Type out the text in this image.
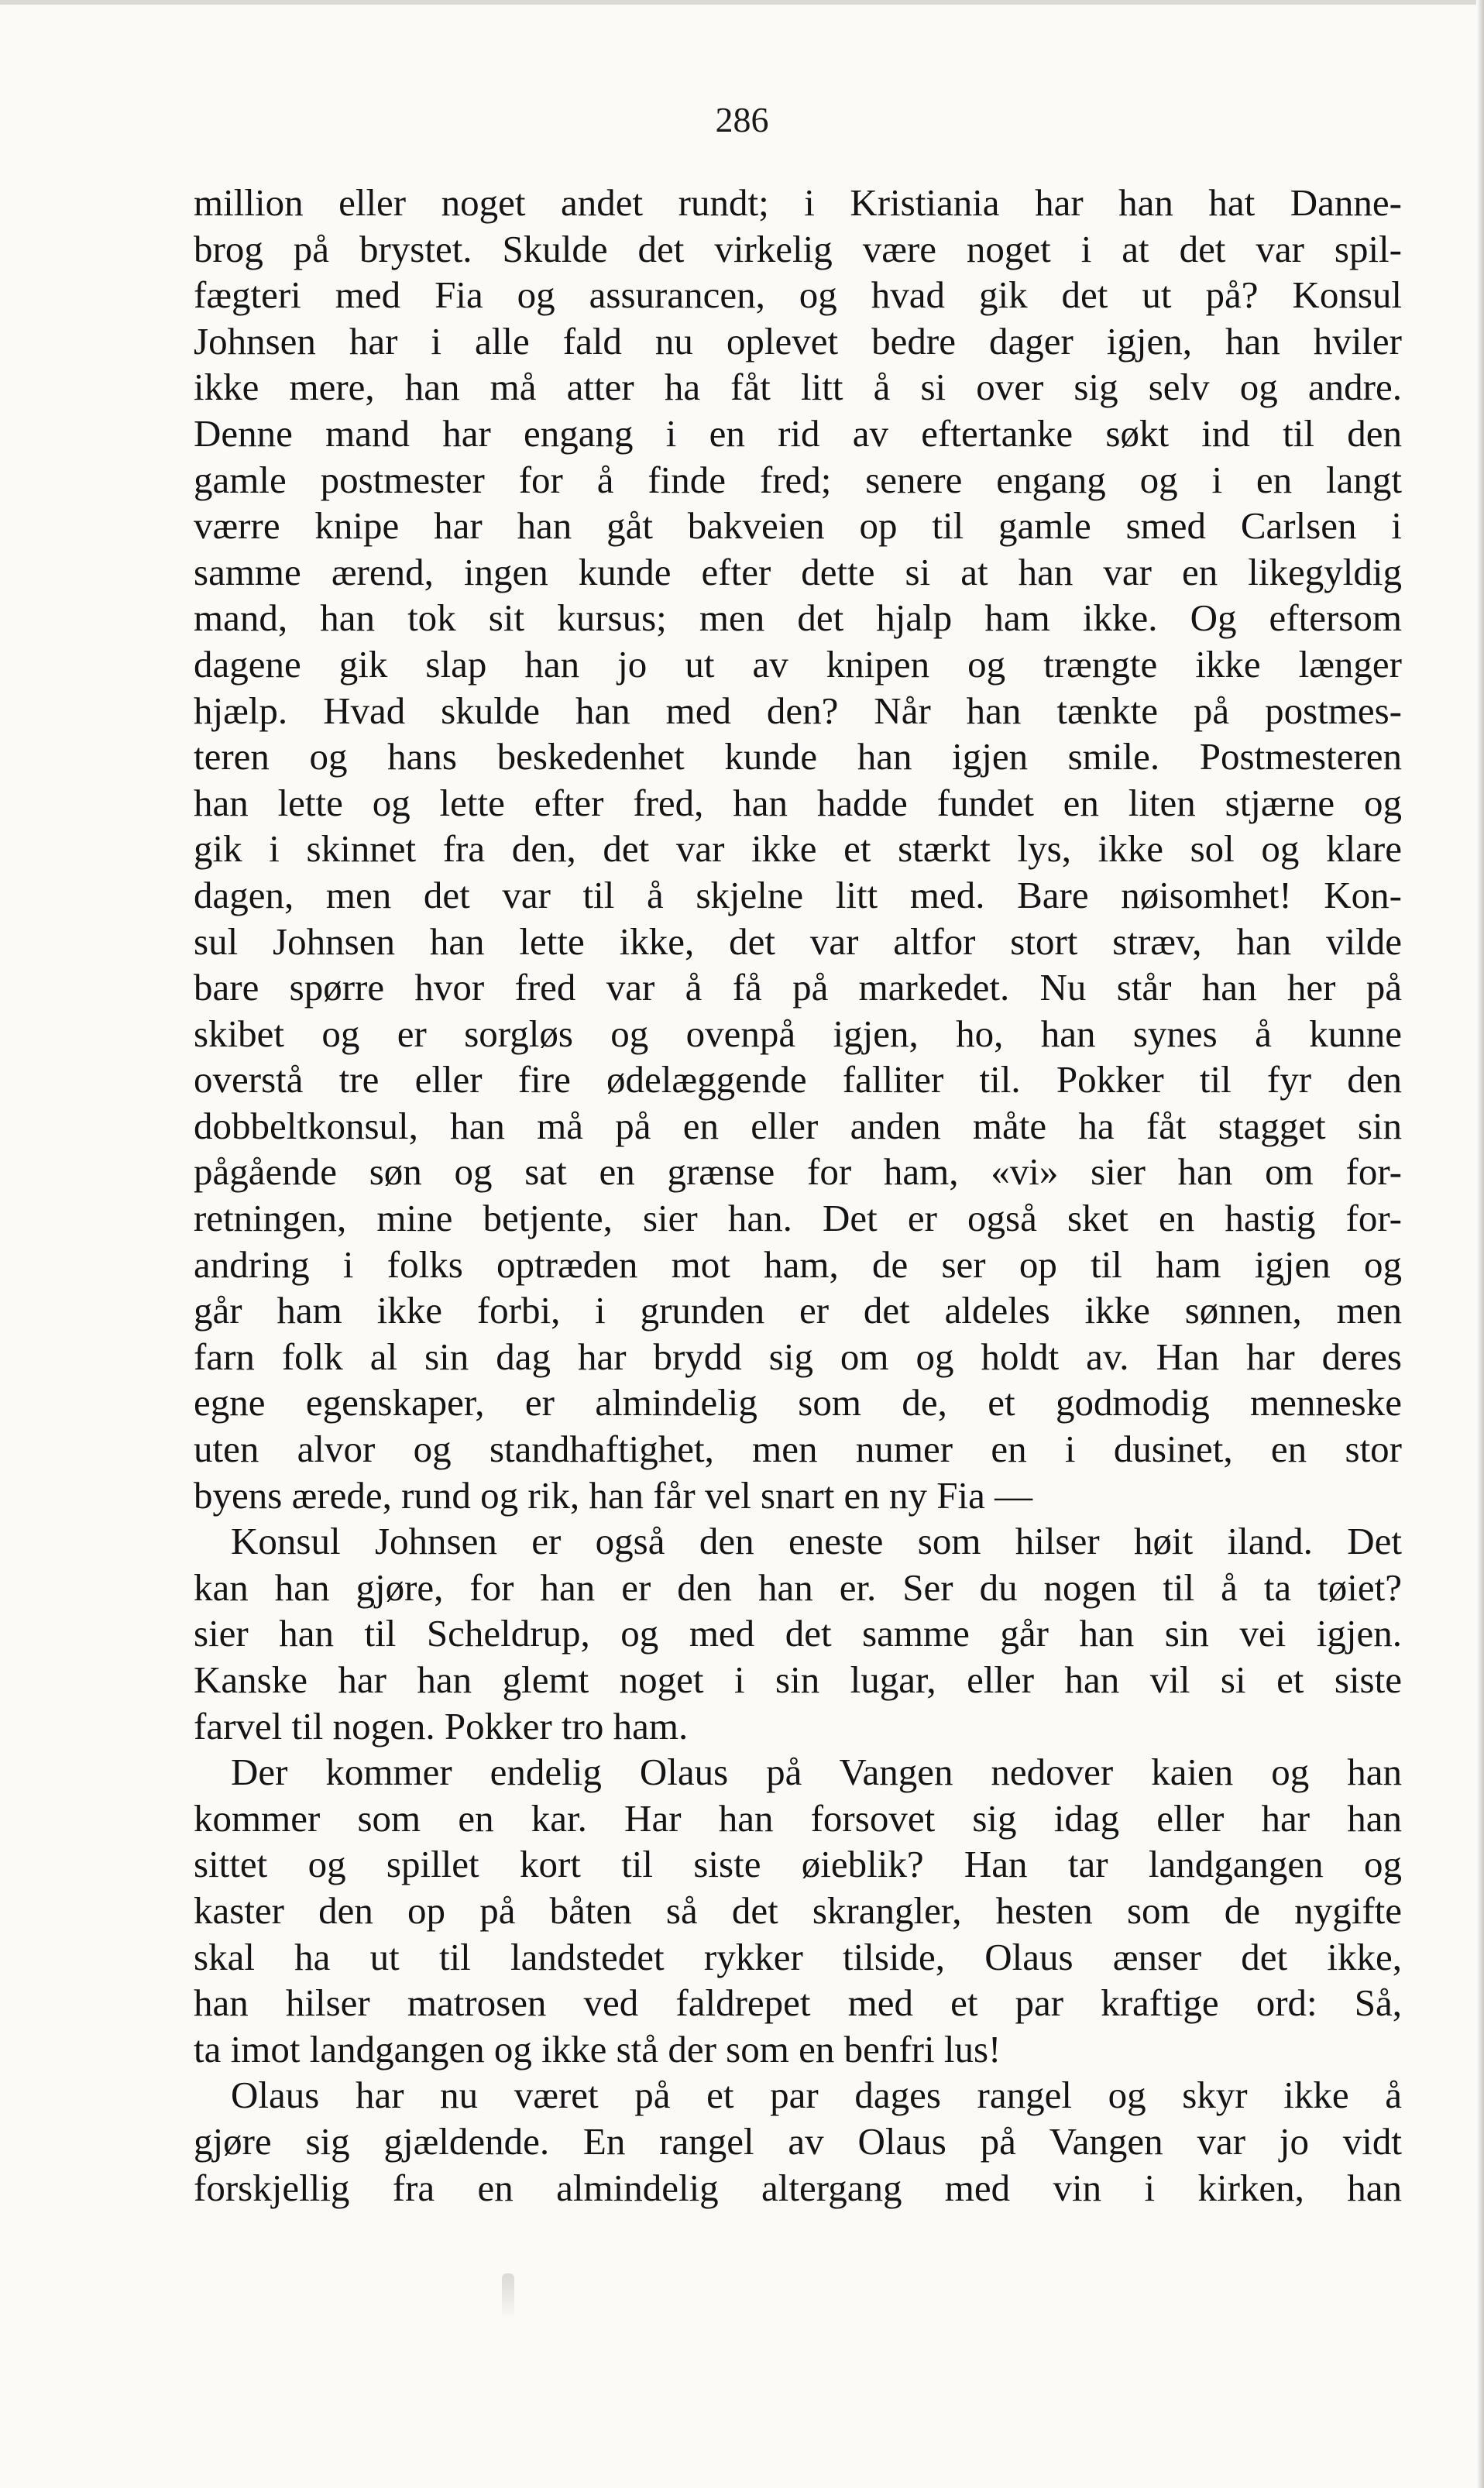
286
million eller noget andet rundt; i Kristiania har han hat Danne-
brog på brystet. Skulde det virkelig være noget i at det var spil-
fægteri med Fia og assurancen, og hvad gik det ut på? Konsul
Johnsen har i alle fald nu oplevet bedre dager igjen, han hviler
ikke mere, han må atter ha fåt litt å si over sig selv og andre.
Denne mand har engang i en rid av eftertanke søkt ind til den
gamle postmester for å finde fred; senere engang og i en langt
værre knipe har han gåt bakveien op til gamle smed Carlsen i
samme ærend, ingen kunde efter dette si at han var en likegyldig
mand, han tok sit kursus; men det hjalp ham ikke. Og eftersom
dagene gik slap han jo ut av knipen og trængte ikke længer
hjælp. Hvad skulde han med den? Når han tænkte på postmes-
teren og hans beskedenhet kunde han igjen smile. Postmesteren
han lette og lette efter fred, han hadde fundet en liten stjærne og
gik i skinnet fra den, det var ikke et stærkt lys, ikke sol og klare
dagen, men det var til å skjelne litt med. Bare nøisomhet! Kon-
sul Johnsen han lette ikke, det var altfor stort stræv, han vilde
bare spørre hvor fred var å få på markedet. Nu står han her på
skibet og er sorgløs og ovenpå igjen, ho, han synes å kunne
overstå tre eller fire ødelæggende falliter til. Pokker til fyr den
dobbeltkonsul, han må på en eller anden måte ha fåt stagget sin
pågående søn og sat en grænse for ham, «vi» sier han om for-
retningen, mine betjente, sier han. Det er også sket en hastig for-
andring i folks optræden mot ham, de ser op til ham igjen og
går ham ikke forbi, i grunden er det aldeles ikke sønnen, men
farn folk al sin dag har brydd sig om og holdt av. Han har deres
egne egenskaper, er almindelig som de, et godmodig menneske
uten alvor og standhaftighet, men numer en i dusinet, en stor
byens ærede, rund og rik, han får vel snart en ny Fia —
Konsul Johnsen er også den eneste som hilser høit iland. Det
kan han gjøre, for han er den han er. Ser du nogen til å ta tøiet?
sier han til Scheldrup, og med det samme går han sin vei igjen.
Kanske har han glemt noget i sin lugar, eller han vil si et siste
farvel til nogen. Pokker tro ham.
Der kommer endelig Olaus på Vangen nedover kaien og han
kommer som en kar. Har han forsovet sig idag eller har han
sittet og spillet kort til siste øieblik? Han tar landgangen og
kaster den op på båten så det skrangler, hesten som de nygifte
skal ha ut til landstedet rykker tilside, Olaus ænser det ikke,
han hilser matrosen ved faldrepet med et par kraftige ord: Så,
ta imot landgangen og ikke stå der som en benfri lus!
Olaus har nu været på et par dages rangel og skyr ikke å
gjøre sig gjældende. En rangel av Olaus på Vangen var jo vidt
forskjellig fra en almindelig altergang med vin i kirken, han
